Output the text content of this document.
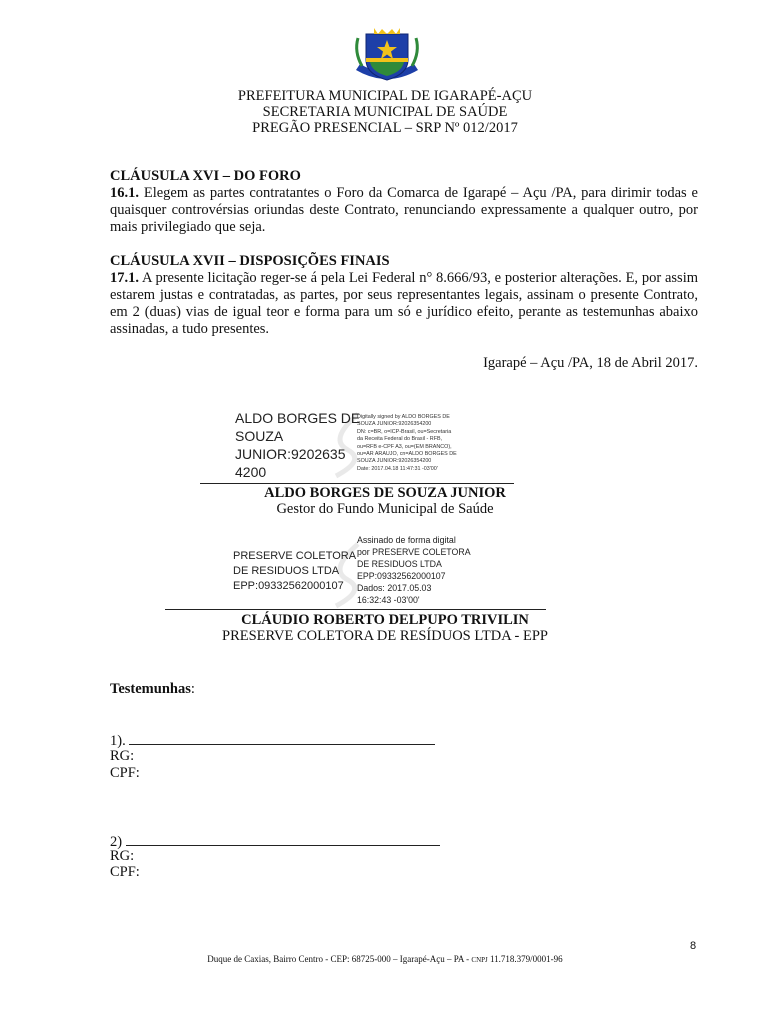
PREFEITURA MUNICIPAL DE IGARAPÉ-AÇU
SECRETARIA MUNICIPAL DE SAÚDE
PREGÃO PRESENCIAL – SRP Nº 012/2017
CLÁUSULA XVI – DO FORO
16.1. Elegem as partes contratantes o Foro da Comarca de Igarapé – Açu /PA, para dirimir todas e quaisquer controvérsias oriundas deste Contrato, renunciando expressamente a qualquer outro, por mais privilegiado que seja.
CLÁUSULA XVII – DISPOSIÇÕES FINAIS
17.1. A presente licitação reger-se á pela Lei Federal n° 8.666/93, e posterior alterações. E, por assim estarem justas e contratadas, as partes, por seus representantes legais, assinam o presente Contrato, em 2 (duas) vias de igual teor e forma para um só e jurídico efeito, perante as testemunhas abaixo assinadas, a tudo presentes.
Igarapé – Açu /PA, 18 de Abril 2017.
ALDO BORGES DE
SOUZA
JUNIOR:9202635
4200
Digitally signed by ALDO BORGES DE
SOUZA JUNIOR:92026354200
DN: c=BR, o=ICP-Brasil, ou=Secretaria
da Receita Federal do Brasil - RFB,
ou=RFB e-CPF A3, ou=(EM BRANCO),
ou=AR ARAUJO, cn=ALDO BORGES DE
SOUZA JUNIOR:92026354200
Date: 2017.04.18 11:47:31 -03'00'
ALDO BORGES DE SOUZA JUNIOR
Gestor do Fundo Municipal de Saúde
PRESERVE COLETORA
DE RESIDUOS LTDA
EPP:09332562000107
Assinado de forma digital
por PRESERVE COLETORA
DE RESIDUOS LTDA
EPP:09332562000107
Dados: 2017.05.03
16:32:43 -03'00'
CLÁUDIO ROBERTO DELPUPO TRIVILIN
PRESERVE COLETORA DE RESÍDUOS LTDA - EPP
Testemunhas:
1).
RG:
CPF:
2)
RG:
CPF:
8
Duque de Caxias, Bairro Centro - CEP: 68725-000 – Igarapé-Açu – PA - CNPJ 11.718.379/0001-96
